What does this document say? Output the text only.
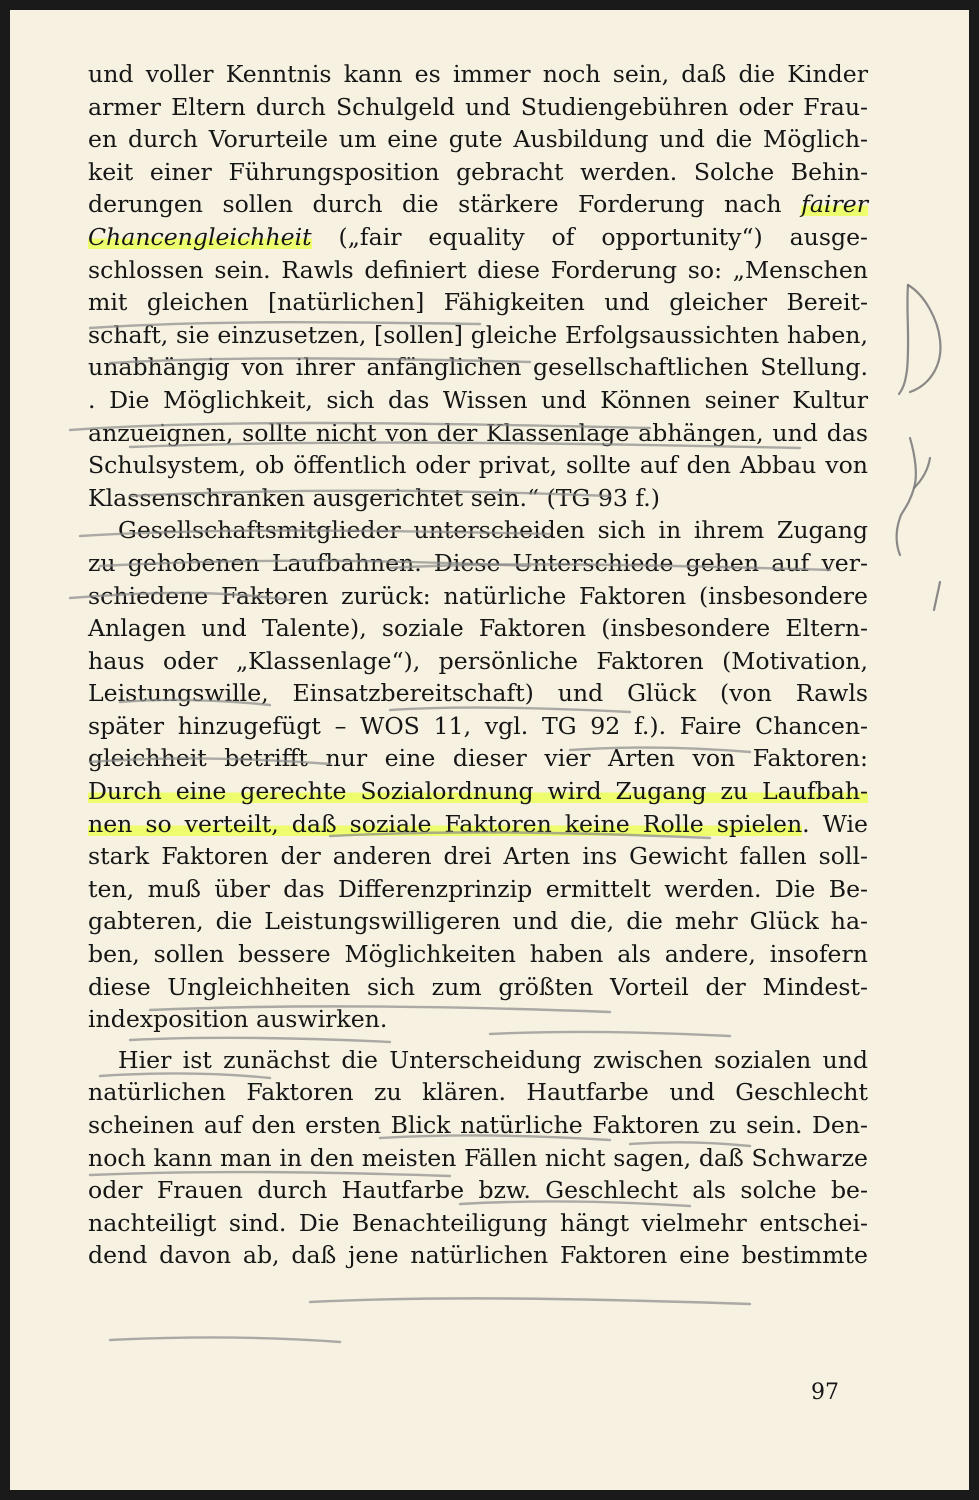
und voller Kenntnis kann es immer noch sein, daß die Kinder
armer Eltern durch Schulgeld und Studiengebühren oder Frau-
en durch Vorurteile um eine gute Ausbildung und die Möglich-
keit einer Führungsposition gebracht werden. Solche Behin-
derungen sollen durch die stärkere Forderung nach fairer
Chancengleichheit („fair equality of opportunity“) ausge-
schlossen sein. Rawls definiert diese Forderung so: „Menschen
mit gleichen [natürlichen] Fähigkeiten und gleicher Bereit-
schaft, sie einzusetzen, [sollen] gleiche Erfolgsaussichten haben,
unabhängig von ihrer anfänglichen gesellschaftlichen Stellung.
. Die Möglichkeit, sich das Wissen und Können seiner Kultur
anzueignen, sollte nicht von der Klassenlage abhängen, und das
Schulsystem, ob öffentlich oder privat, sollte auf den Abbau von
Klassenschranken ausgerichtet sein.“ (TG 93 f.)
Gesellschaftsmitglieder unterscheiden sich in ihrem Zugang
zu gehobenen Laufbahnen. Diese Unterschiede gehen auf ver-
schiedene Faktoren zurück: natürliche Faktoren (insbesondere
Anlagen und Talente), soziale Faktoren (insbesondere Eltern-
haus oder „Klassenlage“), persönliche Faktoren (Motivation,
Leistungswille, Einsatzbereitschaft) und Glück (von Rawls
später hinzugefügt – WOS 11, vgl. TG 92 f.). Faire Chancen-
gleichheit betrifft nur eine dieser vier Arten von Faktoren:
Durch eine gerechte Sozialordnung wird Zugang zu Laufbah-
nen so verteilt, daß soziale Faktoren keine Rolle spielen. Wie
stark Faktoren der anderen drei Arten ins Gewicht fallen soll-
ten, muß über das Differenzprinzip ermittelt werden. Die Be-
gabteren, die Leistungswilligeren und die, die mehr Glück ha-
ben, sollen bessere Möglichkeiten haben als andere, insofern
diese Ungleichheiten sich zum größten Vorteil der Mindest-
indexposition auswirken.
Hier ist zunächst die Unterscheidung zwischen sozialen und
natürlichen Faktoren zu klären. Hautfarbe und Geschlecht
scheinen auf den ersten Blick natürliche Faktoren zu sein. Den-
noch kann man in den meisten Fällen nicht sagen, daß Schwarze
oder Frauen durch Hautfarbe bzw. Geschlecht als solche be-
nachteiligt sind. Die Benachteiligung hängt vielmehr entschei-
dend davon ab, daß jene natürlichen Faktoren eine bestimmte
97
